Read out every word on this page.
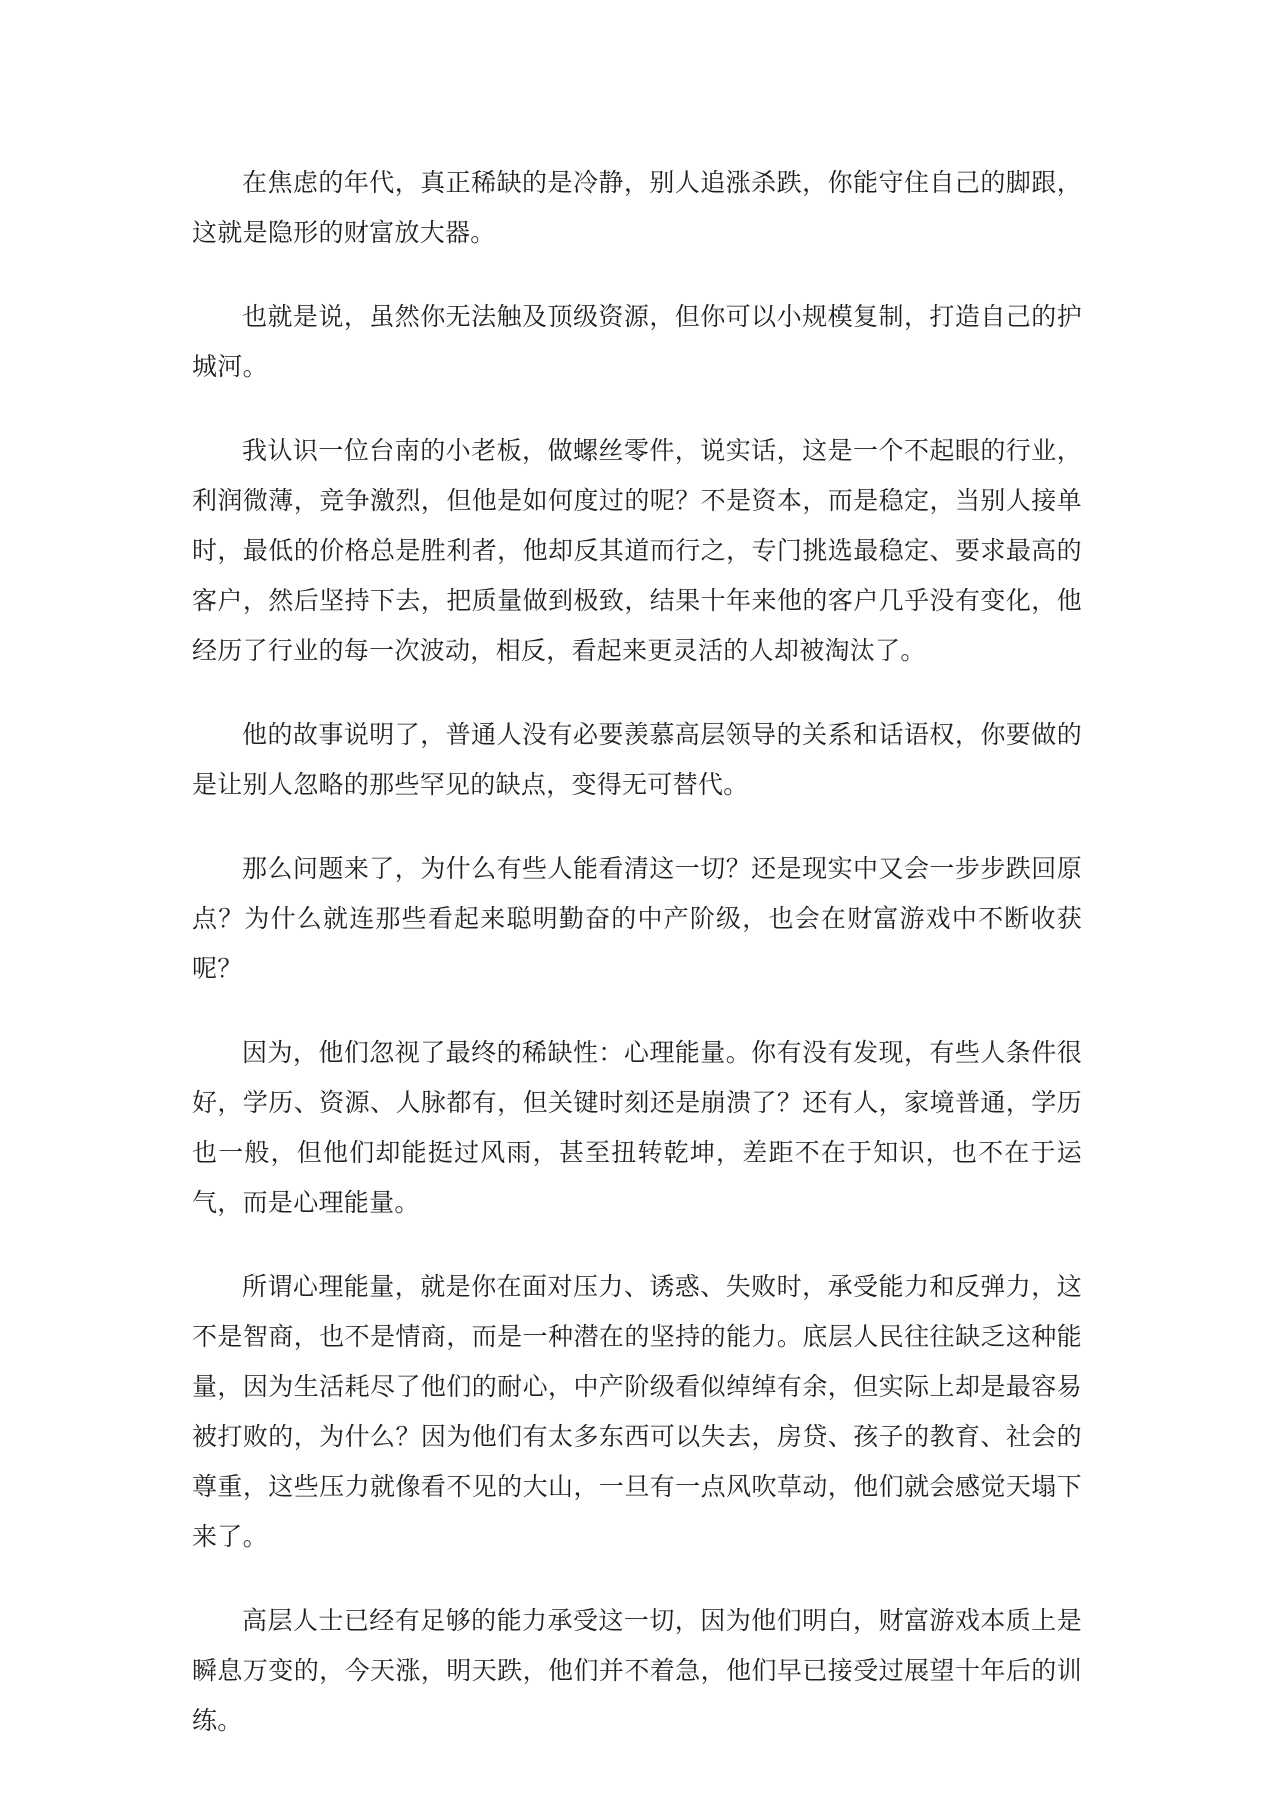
在焦虑的年代，真正稀缺的是冷静，别人追涨杀跌，你能守住自己的脚跟，这就是隐形的财富放大器。

也就是说，虽然你无法触及顶级资源，但你可以小规模复制，打造自己的护城河。

我认识一位台南的小老板，做螺丝零件，说实话，这是一个不起眼的行业，利润微薄，竞争激烈，但他是如何度过的呢？不是资本，而是稳定，当别人接单时，最低的价格总是胜利者，他却反其道而行之，专门挑选最稳定、要求最高的客户，然后坚持下去，把质量做到极致，结果十年来他的客户几乎没有变化，他经历了行业的每一次波动，相反，看起来更灵活的人却被淘汰了。

他的故事说明了，普通人没有必要羡慕高层领导的关系和话语权，你要做的是让别人忽略的那些罕见的缺点，变得无可替代。

那么问题来了，为什么有些人能看清这一切？还是现实中又会一步步跌回原点？为什么就连那些看起来聪明勤奋的中产阶级，也会在财富游戏中不断收获呢？

因为，他们忽视了最终的稀缺性：心理能量。你有没有发现，有些人条件很好，学历、资源、人脉都有，但关键时刻还是崩溃了？还有人，家境普通，学历也一般，但他们却能挺过风雨，甚至扭转乾坤，差距不在于知识，也不在于运气，而是心理能量。

所谓心理能量，就是你在面对压力、诱惑、失败时，承受能力和反弹力，这不是智商，也不是情商，而是一种潜在的坚持的能力。底层人民往往缺乏这种能量，因为生活耗尽了他们的耐心，中产阶级看似绰绰有余，但实际上却是最容易被打败的，为什么？因为他们有太多东西可以失去，房贷、孩子的教育、社会的尊重，这些压力就像看不见的大山，一旦有一点风吹草动，他们就会感觉天塌下来了。

高层人士已经有足够的能力承受这一切，因为他们明白，财富游戏本质上是瞬息万变的，今天涨，明天跌，他们并不着急，他们早已接受过展望十年后的训练。
